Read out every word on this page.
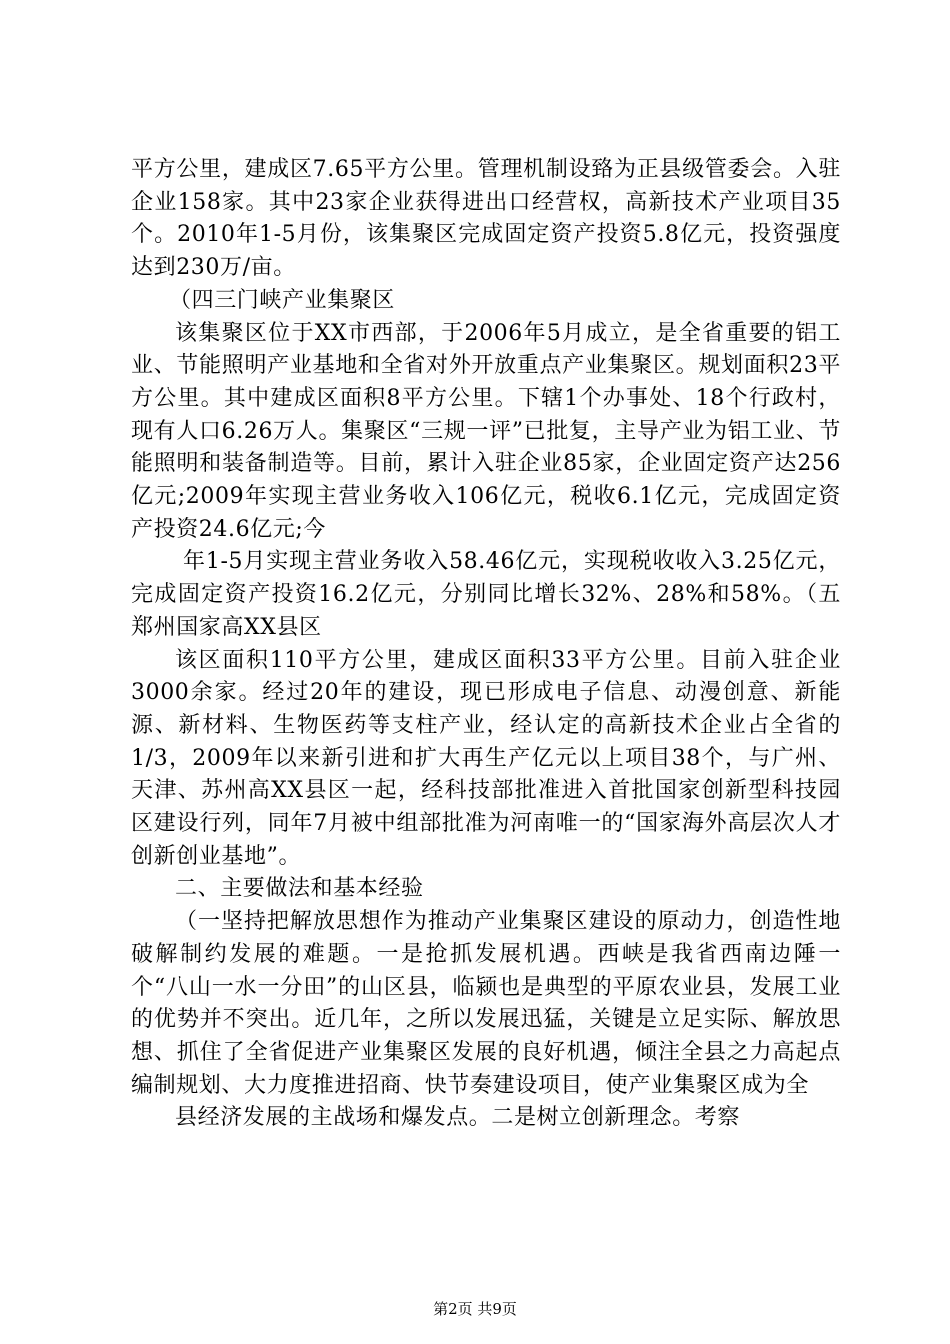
平方公里，建成区7.65平方公里。管理机制设臵为正县级管委会。入驻企业158家。其中23家企业获得进出口经营权，高新技术产业项目35个。2010年1-5月份，该集聚区完成固定资产投资5.8亿元，投资强度达到230万/亩。

（四三门峡产业集聚区

该集聚区位于XX市西部，于2006年5月成立，是全省重要的铝工业、节能照明产业基地和全省对外开放重点产业集聚区。规划面积23平方公里。其中建成区面积8平方公里。下辖1个办事处、18个行政村，现有人口6.26万人。集聚区“三规一评”已批复，主导产业为铝工业、节能照明和装备制造等。目前，累计入驻企业85家，企业固定资产达256亿元;2009年实现主营业务收入106亿元，税收6.1亿元，完成固定资产投资24.6亿元;今

年1-5月实现主营业务收入58.46亿元，实现税收收入3.25亿元，完成固定资产投资16.2亿元，分别同比增长32%、28%和58%。（五郑州国家高XX县区

该区面积110平方公里，建成区面积33平方公里。目前入驻企业3000余家。经过20年的建设，现已形成电子信息、动漫创意、新能源、新材料、生物医药等支柱产业，经认定的高新技术企业占全省的1/3，2009年以来新引进和扩大再生产亿元以上项目38个，与广州、天津、苏州高XX县区一起，经科技部批准进入首批国家创新型科技园区建设行列，同年7月被中组部批准为河南唯一的“国家海外高层次人才创新创业基地”。

二、主要做法和基本经验

（一坚持把解放思想作为推动产业集聚区建设的原动力，创造性地破解制约发展的难题。一是抢抓发展机遇。西峡是我省西南边陲一个“八山一水一分田”的山区县，临颍也是典型的平原农业县，发展工业的优势并不突出。近几年，之所以发展迅猛，关键是立足实际、解放思想、抓住了全省促进产业集聚区发展的良好机遇，倾注全县之力高起点编制规划、大力度推进招商、快节奏建设项目，使产业集聚区成为全

县经济发展的主战场和爆发点。二是树立创新理念。考察

第2页 共9页
